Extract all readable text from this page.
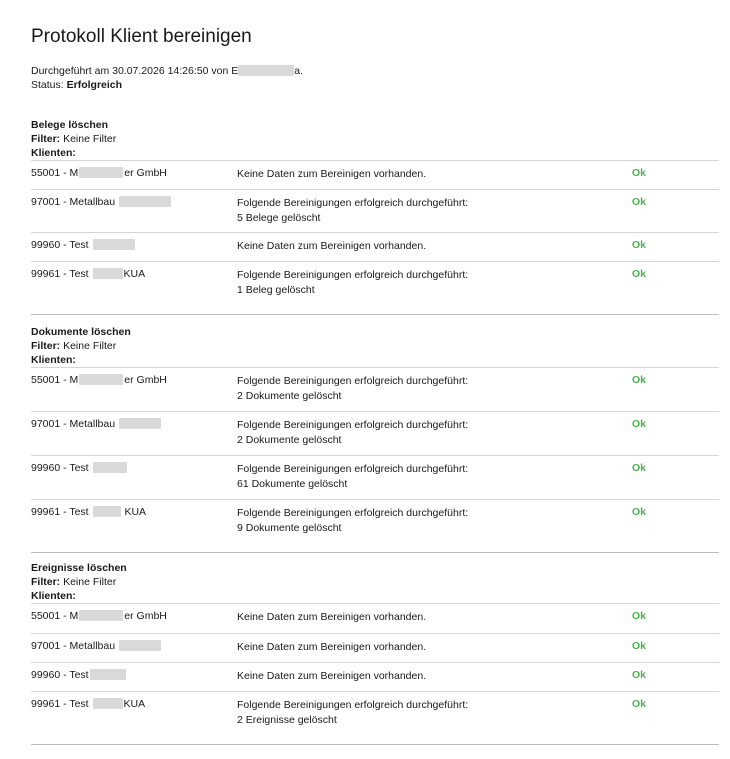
Protokoll Klient bereinigen
Durchgeführt am 30.07.2026 14:26:50 von E	a.
Status: Erfolgreich
Belege löschen
Filter: Keine Filter
Klienten:
55001 - M	er GmbH	Keine Daten zum Bereinigen vorhanden.	Ok
97001 - Metallbau	Folgende Bereinigungen erfolgreich durchgeführt:
5 Belege gelöscht
Ok
99960 - Test	Keine Daten zum Bereinigen vorhanden.	Ok
99961 - Test	KUA	Folgende Bereinigungen erfolgreich durchgeführt:
1 Beleg gelöscht
Ok
Dokumente löschen
Filter: Keine Filter
Klienten:
55001 - M	er GmbH	Folgende Bereinigungen erfolgreich durchgeführt:
2 Dokumente gelöscht
Ok
97001 - Metallbau	Folgende Bereinigungen erfolgreich durchgeführt:
2 Dokumente gelöscht
Ok
99960 - Test	Folgende Bereinigungen erfolgreich durchgeführt:
61 Dokumente gelöscht
Ok
99961 - Test	KUA	Folgende Bereinigungen erfolgreich durchgeführt:
9 Dokumente gelöscht
Ok
Ereignisse löschen
Filter: Keine Filter
Klienten:
55001 - M	er GmbH	Keine Daten zum Bereinigen vorhanden.	Ok
97001 - Metallbau	Keine Daten zum Bereinigen vorhanden.	Ok
99960 - Test	Keine Daten zum Bereinigen vorhanden.	Ok
99961 - Test	KUA	Folgende Bereinigungen erfolgreich durchgeführt:
2 Ereignisse gelöscht
Ok
